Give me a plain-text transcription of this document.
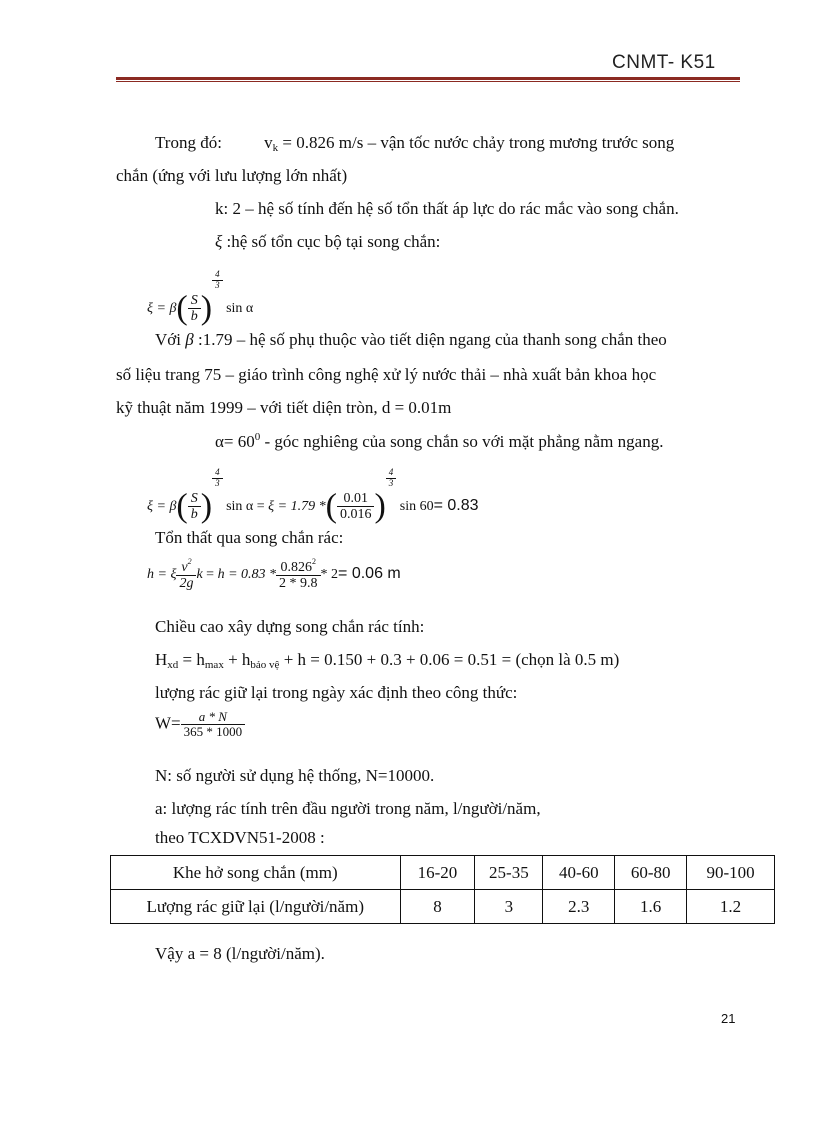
CNMT- K51
Trong đó: $v_k = 0.826$ m/s – vận tốc nước chảy trong mương trước song
chắn (ứng với lưu lượng lớn nhất)
k: 2 – hệ số tính đến hệ số tổn thất áp lực do rác mắc vào song chắn.
ξ :hệ số tổn cục bộ tại song chắn:
$\xi = \beta( \frac{S}{b}$ )
$\frac{4}{3}$
sin α
Với β :1.79 – hệ số phụ thuộc vào tiết diện ngang của thanh song chắn theo
số liệu trang 75 – giáo trình công nghệ xử lý nước thải – nhà xuất bản khoa học
kỹ thuật năm 1999 – với tiết diện tròn, d = 0.01m
$\alpha= 60^0$ - góc nghiêng của song chắn so với mặt phẳng nằm ngang.
$\xi = \beta( \frac{S}{b}$ )
$\frac{4}{3}$
sin α = ξ = 1.79 *( $\frac{0.01}{0.016}$ )
$\frac{4}{3}$
sin 60= 0.83
Tổn thất qua song chắn rác:
h = ξ $\frac{v^2}{2g}$ $k = h = 0.83 * \frac{0.826^2}{2 * 9.8} * 2= 0.06$ m
Chiều cao xây dựng song chắn rác tính:
$H_{xd} = h_{max} + h_{bảo vệ} + h = 0.150 + 0.3 + 0.06 = 0.51$ = (chọn là 0.5 m)
lượng rác giữ lại trong ngày xác định theo công thức:
$W= \frac{a * N}{365 * 1000}$
N: số người sử dụng hệ thống, N=10000.
a: lượng rác tính trên đầu người trong năm, l/người/năm,
theo TCXDVN51-2008 :
Khe hở song chắn (mm)	16-20	25-35	40-60	60-80	90-100
Lượng rác giữ lại (l/người/năm)	8	3	2.3	1.6	1.2
Vậy a = 8 (l/người/năm).
21
